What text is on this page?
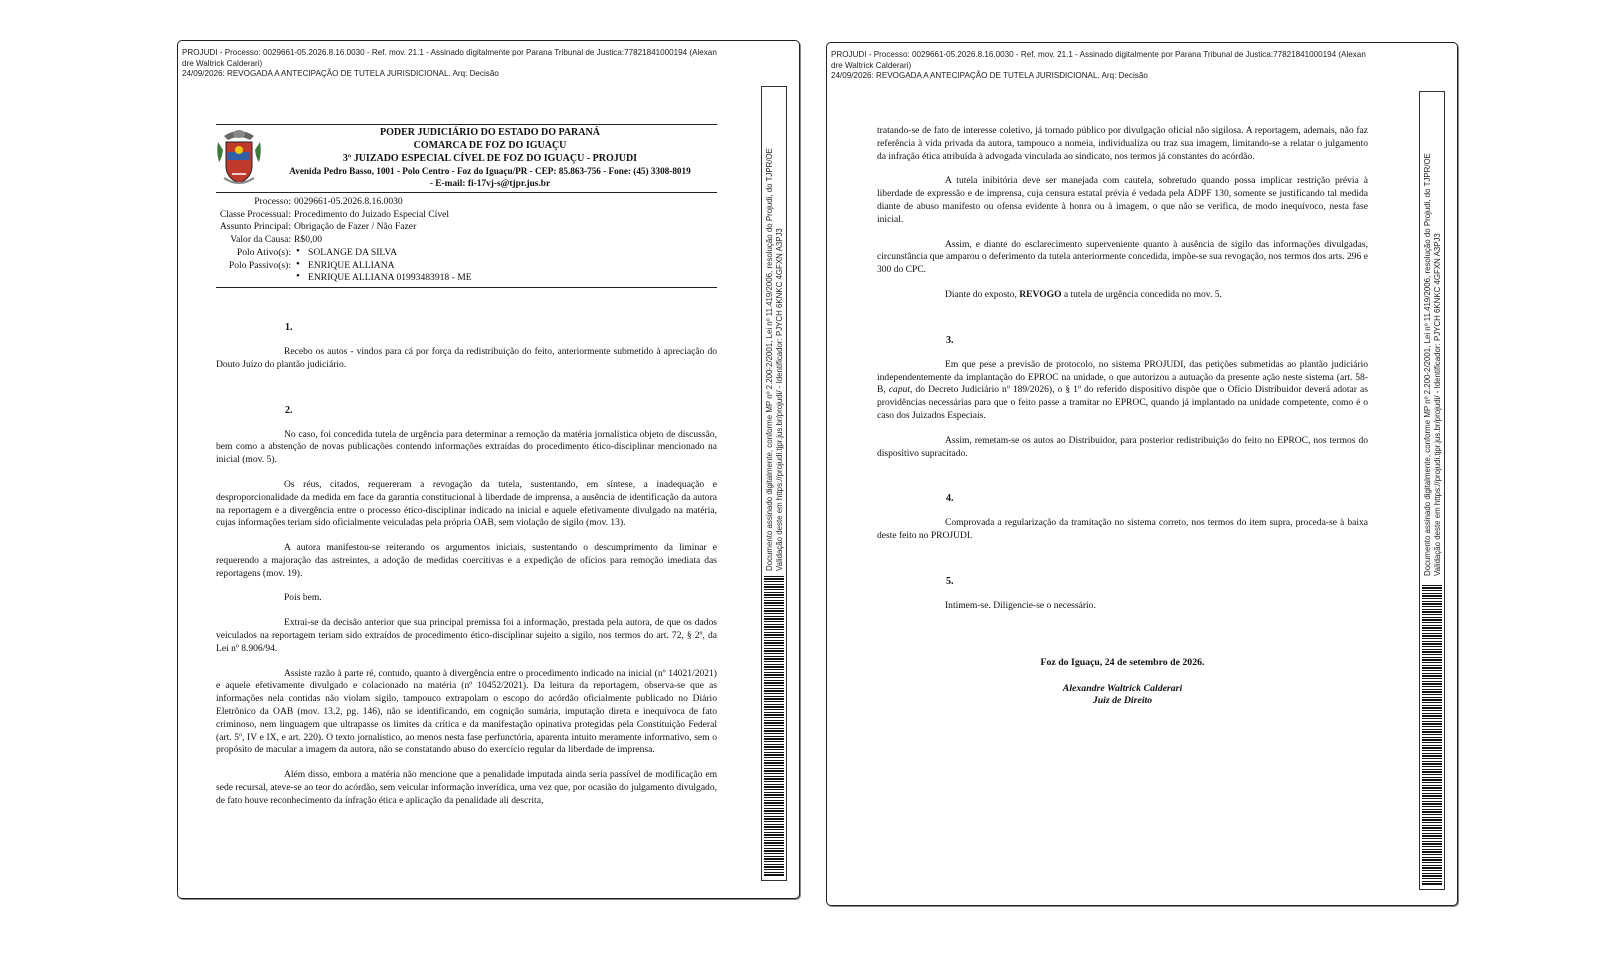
PROJUDI - Processo: 0029661-05.2026.8.16.0030 - Ref. mov. 21.1 - Assinado digitalmente por Parana Tribunal de Justica:77821841000194 (Alexan
dre Waltrick Calderari)
24/09/2026: REVOGADA A ANTECIPAÇÃO DE TUTELA JURISDICIONAL. Arq: Decisão
Documento assinado digitalmente, conforme MP nº 2.200-2/2001, Lei nº 11.419/2006, resolução do Projudi, do TJPR/OE Validação deste em https://projudi.tjpr.jus.br/projudi/ - Identificador: PJYCH 6KNKC 4GFXN A3PJ3
PODER JUDICIÁRIO DO ESTADO DO PARANÁ
COMARCA DE FOZ DO IGUAÇU
3º JUIZADO ESPECIAL CÍVEL DE FOZ DO IGUAÇU - PROJUDI
Avenida Pedro Basso, 1001 - Polo Centro - Foz do Iguaçu/PR - CEP: 85.863-756 - Fone: (45) 3308-8019
- E-mail: fi-17vj-s@tjpr.jus.br
Processo: 0029661-05.2026.8.16.0030
Classe Processual: Procedimento do Juizado Especial Cível
Assunto Principal: Obrigação de Fazer / Não Fazer
Valor da Causa: R$0,00
Polo Ativo(s):	• SOLANGE DA SILVA
Polo Passivo(s):	• ENRIQUE ALLIANA
• ENRIQUE ALLIANA 01993483918 - ME
1.

Recebo os autos - vindos para cá por força da redistribuição do feito, anteriormente submetido à apreciação do Douto Juízo do plantão judiciário.

2.

No caso, foi concedida tutela de urgência para determinar a remoção da matéria jornalística objeto de discussão, bem como a abstenção de novas publicações contendo informações extraídas do procedimento ético-disciplinar mencionado na inicial (mov. 5).

Os réus, citados, requereram a revogação da tutela, sustentando, em síntese, a inadequação e desproporcionalidade da medida em face da garantia constitucional à liberdade de imprensa, a ausência de identificação da autora na reportagem e a divergência entre o processo ético-disciplinar indicado na inicial e aquele efetivamente divulgado na matéria, cujas informações teriam sido oficialmente veiculadas pela própria OAB, sem violação de sigilo (mov. 13).

A autora manifestou-se reiterando os argumentos iniciais, sustentando o descumprimento da liminar e requerendo a majoração das astreintes, a adoção de medidas coercitivas e a expedição de ofícios para remoção imediata das reportagens (mov. 19).

Pois bem.

Extrai-se da decisão anterior que sua principal premissa foi a informação, prestada pela autora, de que os dados veiculados na reportagem teriam sido extraídos de procedimento ético-disciplinar sujeito a sigilo, nos termos do art. 72, § 2º, da Lei nº 8.906/94.

Assiste razão à parte ré, contudo, quanto à divergência entre o procedimento indicado na inicial (nº 14021/2021) e aquele efetivamente divulgado e colacionado na matéria (nº 10452/2021). Da leitura da reportagem, observa-se que as informações nela contidas não violam sigilo, tampouco extrapolam o escopo do acórdão oficialmente publicado no Diário Eletrônico da OAB (mov. 13.2, pg. 146), não se identificando, em cognição sumária, imputação direta e inequívoca de fato criminoso, nem linguagem que ultrapasse os limites da crítica e da manifestação opinativa protegidas pela Constituição Federal (art. 5º, IV e IX, e art. 220). O texto jornalístico, ao menos nesta fase perfunctória, aparenta intuito meramente informativo, sem o propósito de macular a imagem da autora, não se constatando abuso do exercício regular da liberdade de imprensa.

Além disso, embora a matéria não mencione que a penalidade imputada ainda seria passível de modificação em sede recursal, ateve-se ao teor do acórdão, sem veicular informação inverídica, uma vez que, por ocasião do julgamento divulgado, de fato houve reconhecimento da infração ética e aplicação da penalidade ali descrita,

PROJUDI - Processo: 0029661-05.2026.8.16.0030 - Ref. mov. 21.1 - Assinado digitalmente por Parana Tribunal de Justica:77821841000194 (Alexan
dre Waltrick Calderari)
24/09/2026: REVOGADA A ANTECIPAÇÃO DE TUTELA JURISDICIONAL. Arq: Decisão
Documento assinado digitalmente, conforme MP nº 2.200-2/2001, Lei nº 11.419/2006, resolução do Projudi, do TJPR/OE Validação deste em https://projudi.tjpr.jus.br/projudi/ - Identificador: PJYCH 6KNKC 4GFXN A3PJ3

tratando-se de fato de interesse coletivo, já tornado público por divulgação oficial não sigilosa. A reportagem, ademais, não faz referência à vida privada da autora, tampouco a nomeia, individualiza ou traz sua imagem, limitando-se a relatar o julgamento da infração ética atribuída à advogada vinculada ao sindicato, nos termos já constantes do acórdão.

A tutela inibitória deve ser manejada com cautela, sobretudo quando possa implicar restrição prévia à liberdade de expressão e de imprensa, cuja censura estatal prévia é vedada pela ADPF 130, somente se justificando tal medida diante de abuso manifesto ou ofensa evidente à honra ou à imagem, o que não se verifica, de modo inequívoco, nesta fase inicial.

Assim, e diante do esclarecimento superveniente quanto à ausência de sigilo das informações divulgadas, circunstância que amparou o deferimento da tutela anteriormente concedida, impõe-se sua revogação, nos termos dos arts. 296 e 300 do CPC.

Diante do exposto, REVOGO a tutela de urgência concedida no mov. 5.

3.

Em que pese a previsão de protocolo, no sistema PROJUDI, das petições submetidas ao plantão judiciário independentemente da implantação do EPROC na unidade, o que autorizou a autuação da presente ação neste sistema (art. 58-B, caput, do Decreto Judiciário nº 189/2026), o § 1º do referido dispositivo dispõe que o Ofício Distribuidor deverá adotar as providências necessárias para que o feito passe a tramitar no EPROC, quando já implantado na unidade competente, como é o caso dos Juizados Especiais.

Assim, remetam-se os autos ao Distribuidor, para posterior redistribuição do feito no EPROC, nos termos do dispositivo supracitado.

4.

Comprovada a regularização da tramitação no sistema correto, nos termos do item supra, proceda-se à baixa deste feito no PROJUDI.

5.

Intimem-se. Diligencie-se o necessário.

Foz do Iguaçu, 24 de setembro de 2026.
Alexandre Waltrick Calderari
Juiz de Direito
